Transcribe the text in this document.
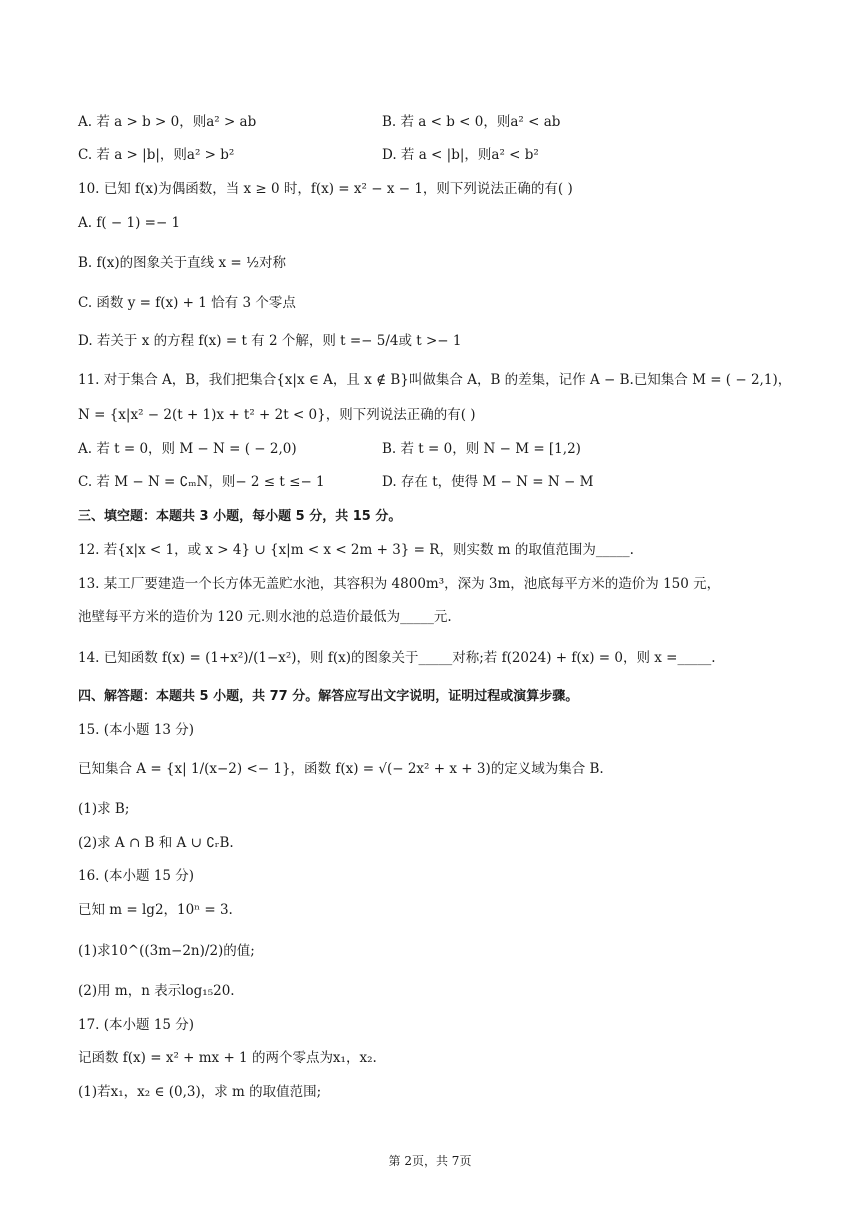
A. 若 a > b > 0，则a² > ab	B. 若 a < b < 0，则a² < ab
C. 若 a > |b|，则a² > b²	D. 若 a < |b|，则a² < b²
10. 已知 f(x)为偶函数，当 x ≥ 0 时，f(x) = x² − x − 1，则下列说法正确的有( )
A. f( − 1) =− 1
B. f(x)的图象关于直线 x = ½对称
C. 函数 y = f(x) + 1 恰有 3 个零点
D. 若关于 x 的方程 f(x) = t 有 2 个解，则 t =− 5/4或 t >− 1
11. 对于集合 A，B，我们把集合{x|x ∈ A，且 x ∉ B}叫做集合 A，B 的差集，记作 A − B.已知集合 M = ( − 2,1)，
N = {x|x² − 2(t + 1)x + t² + 2t < 0}，则下列说法正确的有( )
A. 若 t = 0，则 M − N = ( − 2,0)	B. 若 t = 0，则 N − M = [1,2)
C. 若 M − N = ∁ₘN，则− 2 ≤ t ≤− 1	D. 存在 t，使得 M − N = N − M
三、填空题：本题共 3 小题，每小题 5 分，共 15 分。
12. 若{x|x < 1，或 x > 4} ∪ {x|m < x < 2m + 3} = R，则实数 m 的取值范围为_____.
13. 某工厂要建造一个长方体无盖贮水池，其容积为 4800m³，深为 3m，池底每平方米的造价为 150 元，
池壁每平方米的造价为 120 元.则水池的总造价最低为_____元.
14. 已知函数 f(x) = (1+x²)/(1−x²)，则 f(x)的图象关于_____对称;若 f(2024) + f(x) = 0，则 x =_____.
四、解答题：本题共 5 小题，共 77 分。解答应写出文字说明，证明过程或演算步骤。
15. (本小题 13 分)
已知集合 A = {x| 1/(x−2) <− 1}，函数 f(x) = √(− 2x² + x + 3)的定义域为集合 B.
(1)求 B;
(2)求 A ∩ B 和 A ∪ ∁ᵣB.
16. (本小题 15 分)
已知 m = lg2，10ⁿ = 3.
(1)求10^((3m−2n)/2)的值;
(2)用 m，n 表示log₁₅20.
17. (本小题 15 分)
记函数 f(x) = x² + mx + 1 的两个零点为x₁，x₂.
(1)若x₁，x₂ ∈ (0,3)，求 m 的取值范围;
第 2页，共 7页
